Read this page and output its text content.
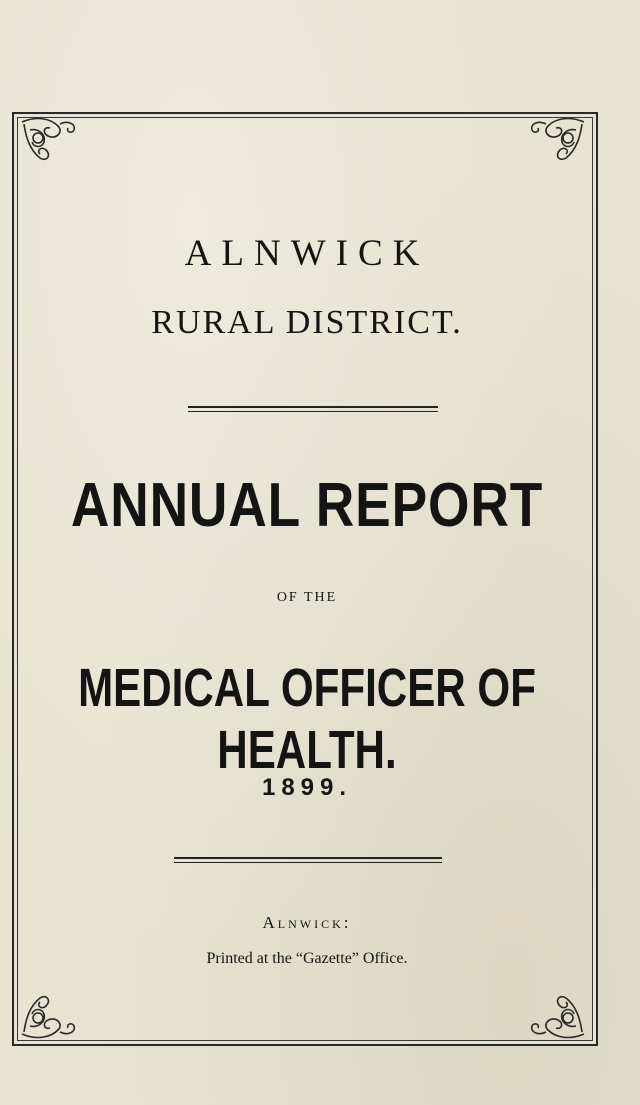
ALNWICK
RURAL DISTRICT.
ANNUAL REPORT
OF THE
MEDICAL OFFICER OF HEALTH.
1899.
Alnwick:
Printed at the “Gazette” Office.
